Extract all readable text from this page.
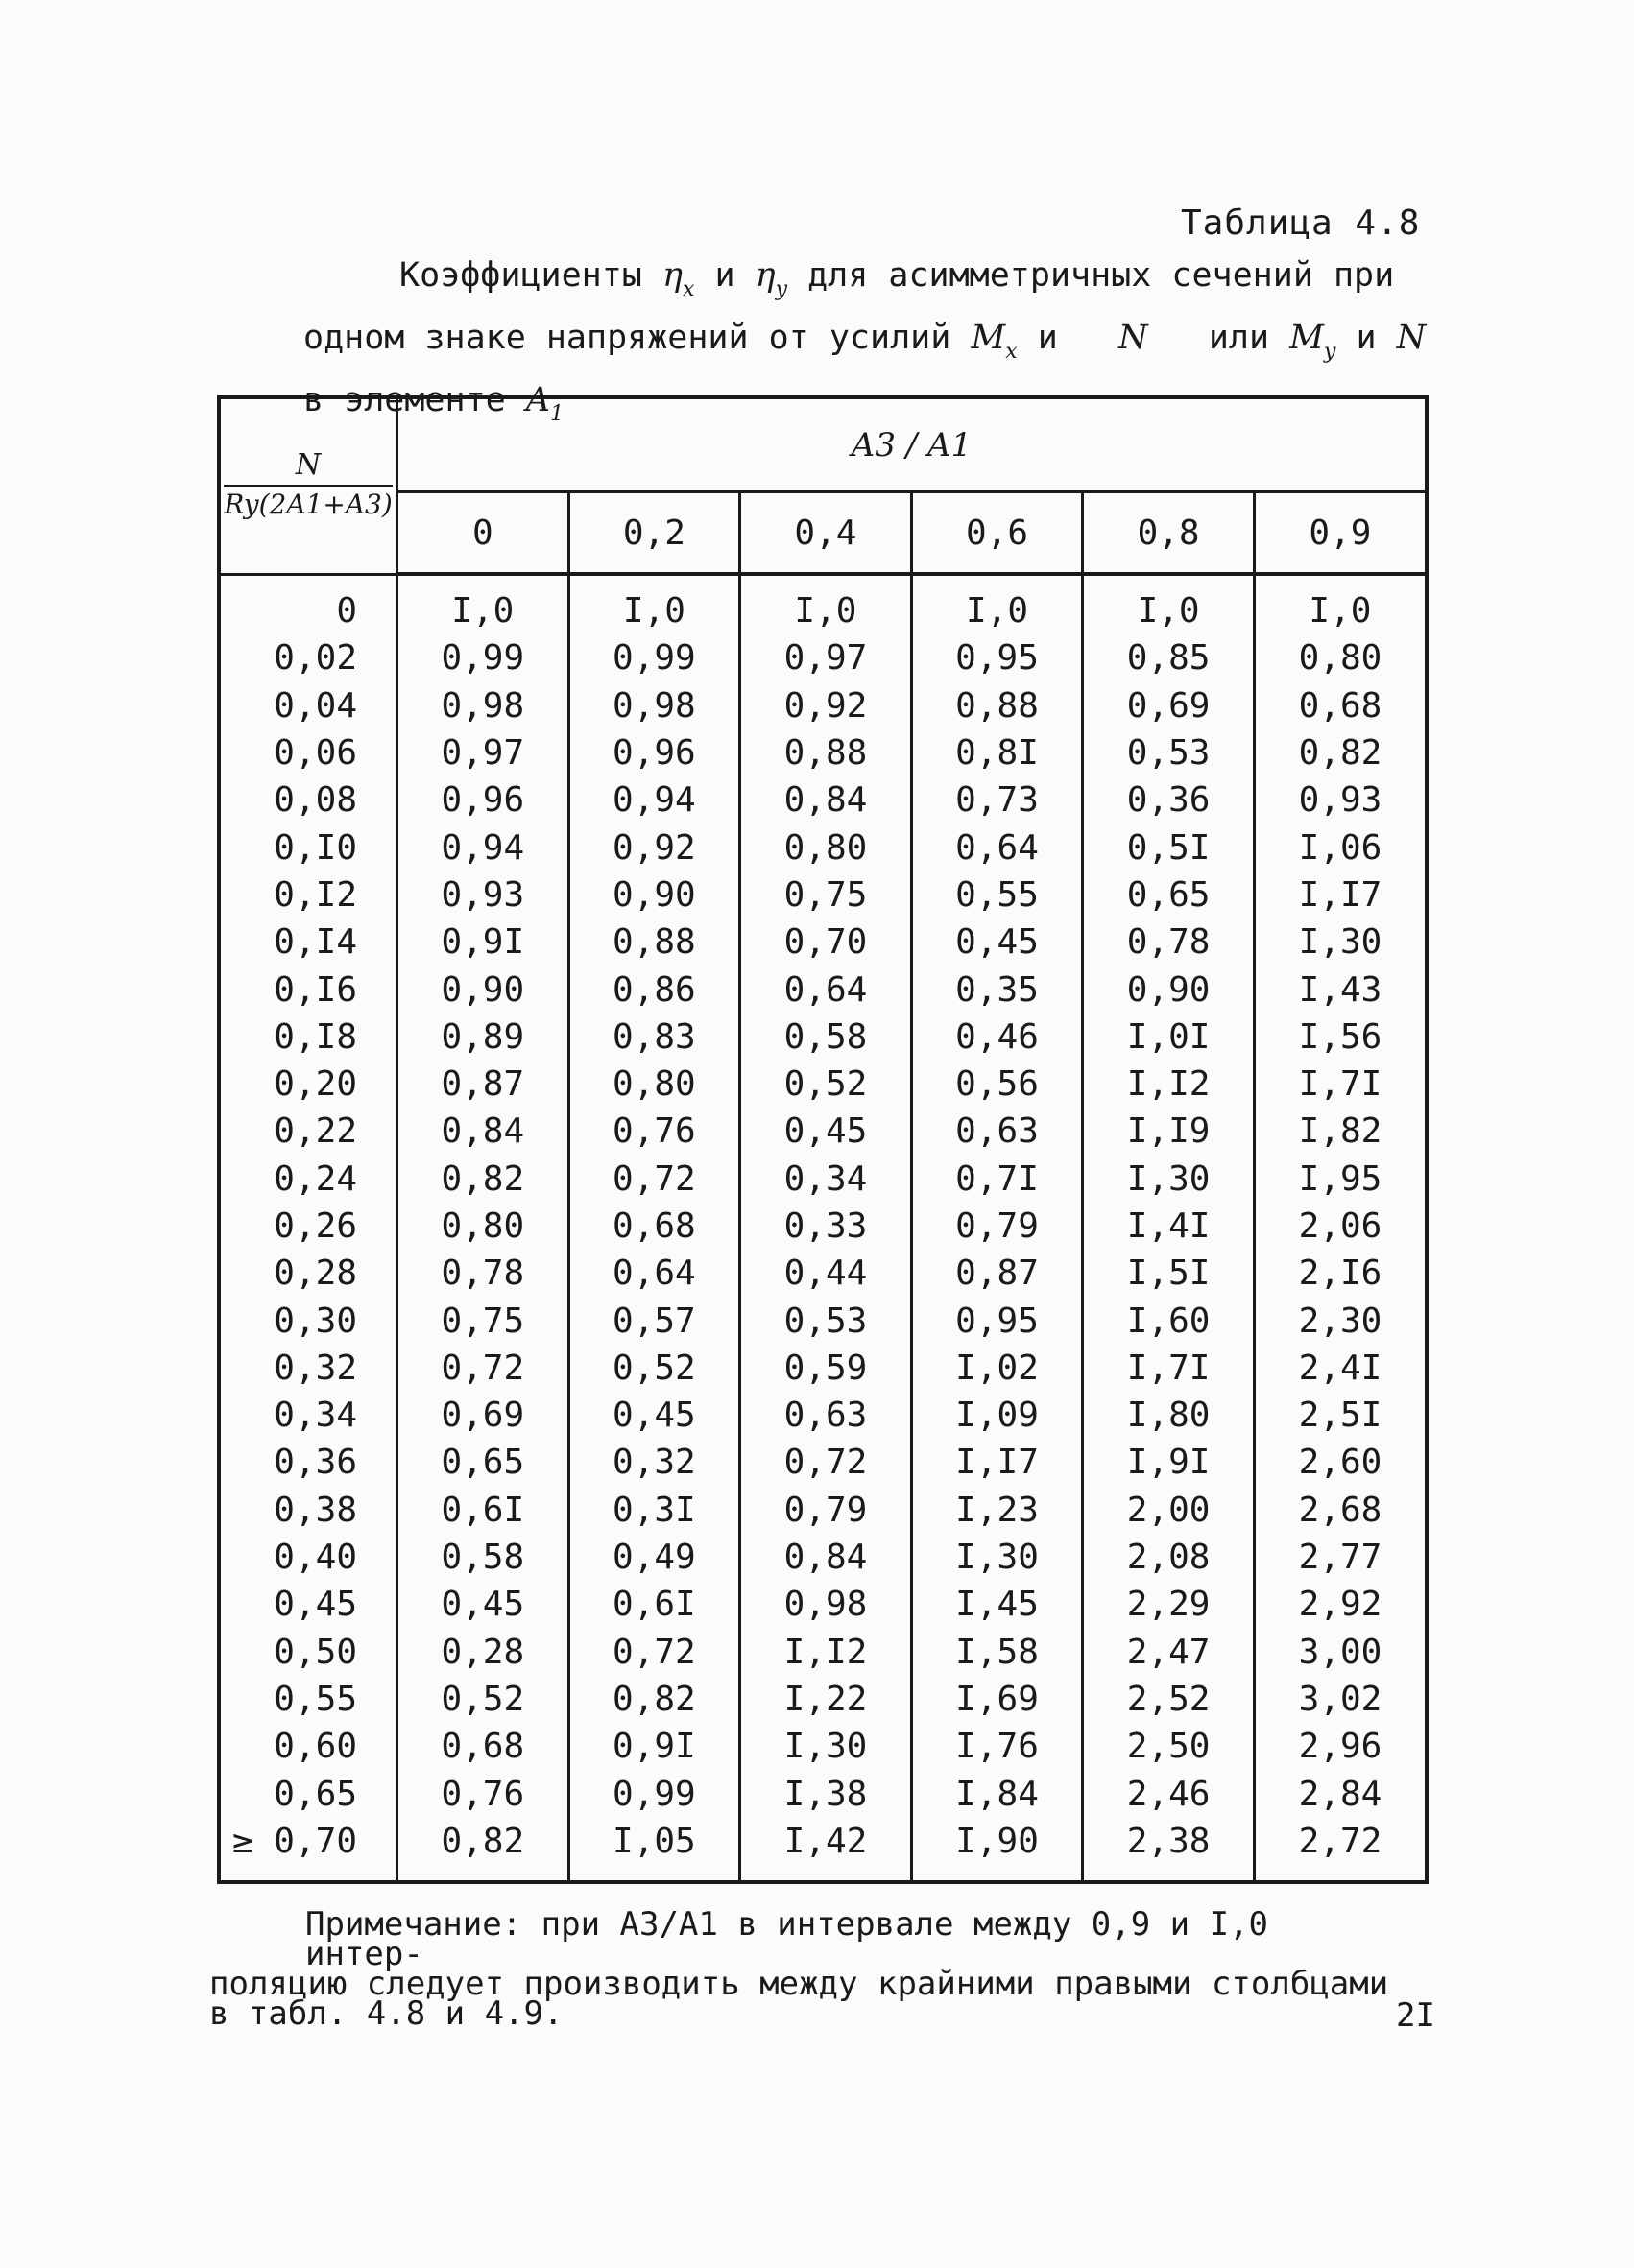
Таблица 4.8
Коэффициенты $\eta_x$ и $\eta_y$ для асимметричных сечений при
одном знаке напряжений от усилий $M_x$ и N или $M_y$ и N
в элементе $A_1$
$\frac{N}{Ry(2A1+A3)}$	A3 / A1					
	0	0,2	0,4	0,6	0,8	0,9
0	I,0	I,0	I,0	I,0	I,0	I,0
0,02	0,99	0,99	0,97	0,95	0,85	0,80
0,04	0,98	0,98	0,92	0,88	0,69	0,68
0,06	0,97	0,96	0,88	0,8I	0,53	0,82
0,08	0,96	0,94	0,84	0,73	0,36	0,93
0,I0	0,94	0,92	0,80	0,64	0,5I	I,06
0,I2	0,93	0,90	0,75	0,55	0,65	I,I7
0,I4	0,9I	0,88	0,70	0,45	0,78	I,30
0,I6	0,90	0,86	0,64	0,35	0,90	I,43
0,I8	0,89	0,83	0,58	0,46	I,0I	I,56
0,20	0,87	0,80	0,52	0,56	I,I2	I,7I
0,22	0,84	0,76	0,45	0,63	I,I9	I,82
0,24	0,82	0,72	0,34	0,7I	I,30	I,95
0,26	0,80	0,68	0,33	0,79	I,4I	2,06
0,28	0,78	0,64	0,44	0,87	I,5I	2,I6
0,30	0,75	0,57	0,53	0,95	I,60	2,30
0,32	0,72	0,52	0,59	I,02	I,7I	2,4I
0,34	0,69	0,45	0,63	I,09	I,80	2,5I
0,36	0,65	0,32	0,72	I,I7	I,9I	2,60
0,38	0,6I	0,3I	0,79	I,23	2,00	2,68
0,40	0,58	0,49	0,84	I,30	2,08	2,77
0,45	0,45	0,6I	0,98	I,45	2,29	2,92
0,50	0,28	0,72	I,I2	I,58	2,47	3,00
0,55	0,52	0,82	I,22	I,69	2,52	3,02
0,60	0,68	0,9I	I,30	I,76	2,50	2,96
0,65	0,76	0,99	I,38	I,84	2,46	2,84
≥ 0,70	0,82	I,05	I,42	I,90	2,38	2,72

Примечание: при A3/A1 в интервале между 0,9 и I,0 интер-

поляцию следует производить между крайними правыми столбцами

в табл. 4.8 и 4.9.	2I
